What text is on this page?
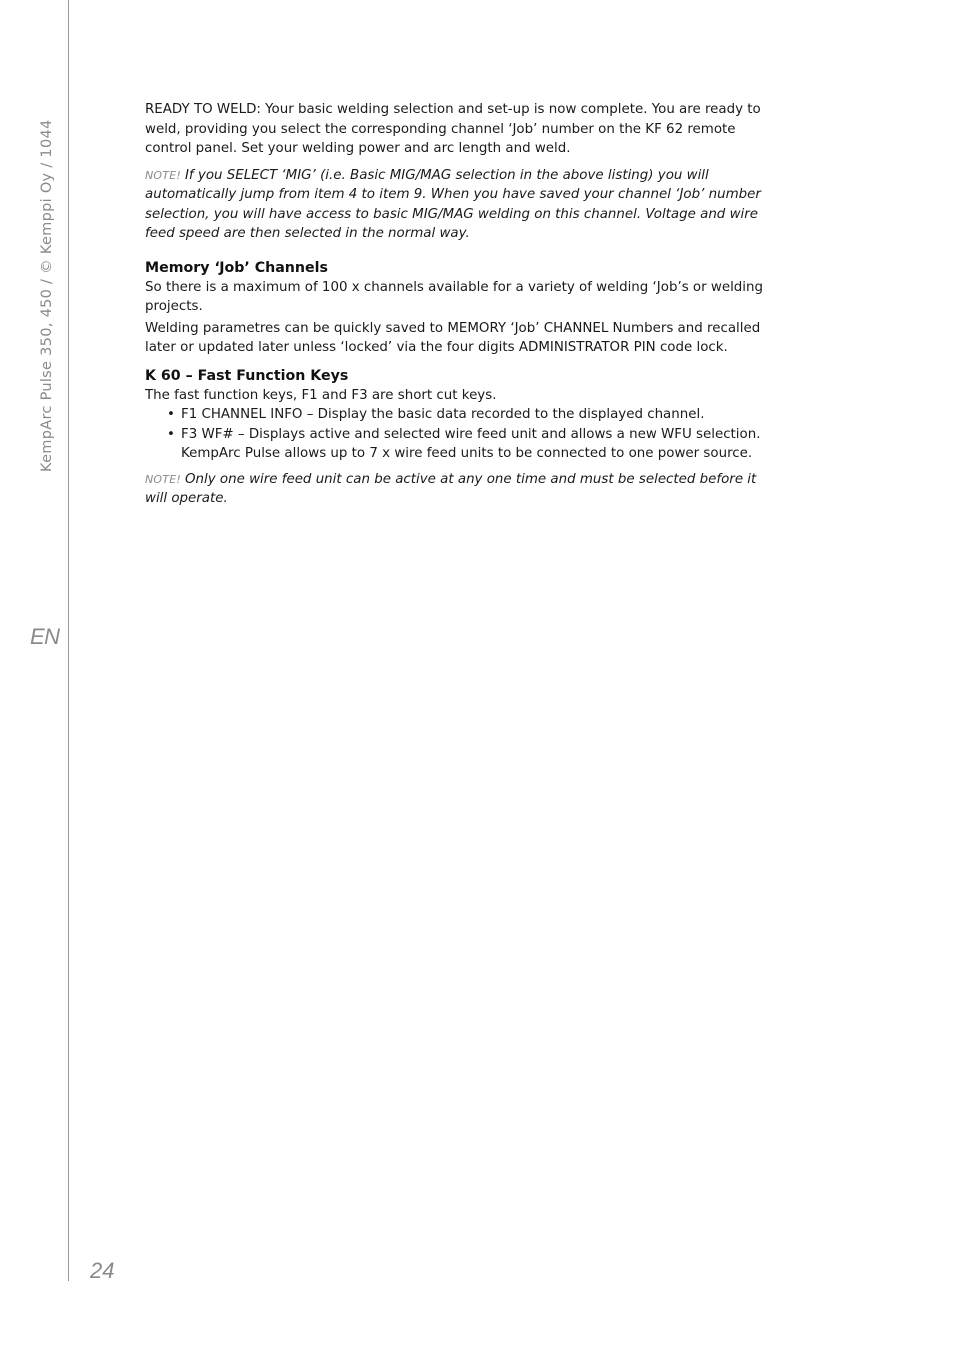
KempArc Pulse 350, 450 / © Kemppi Oy / 1044
EN
24

READY TO WELD: Your basic welding selection and set-up is now complete. You are ready to weld, providing you select the corresponding channel ‘Job’ number on the KF 62 remote control panel. Set your welding power and arc length and weld.

NOTE! If you SELECT ‘MIG’ (i.e. Basic MIG/MAG selection in the above listing) you will automatically jump from item 4 to item 9. When you have saved your channel ‘Job’ number selection, you will have access to basic MIG/MAG welding on this channel. Voltage and wire feed speed are then selected in the normal way.

Memory ‘Job’ Channels

So there is a maximum of 100 x channels available for a variety of welding ‘Job’s or welding projects.

Welding parametres can be quickly saved to MEMORY ‘Job’ CHANNEL Numbers and recalled later or updated later unless ‘locked’ via the four digits ADMINISTRATOR PIN code lock.

K 60 – Fast Function Keys

The fast function keys, F1 and F3 are short cut keys.

• F1 CHANNEL INFO – Display the basic data recorded to the displayed channel.
• F3 WF# – Displays active and selected wire feed unit and allows a new WFU selection. KempArc Pulse allows up to 7 x wire feed units to be connected to one power source.

NOTE! Only one wire feed unit can be active at any one time and must be selected before it will operate.
